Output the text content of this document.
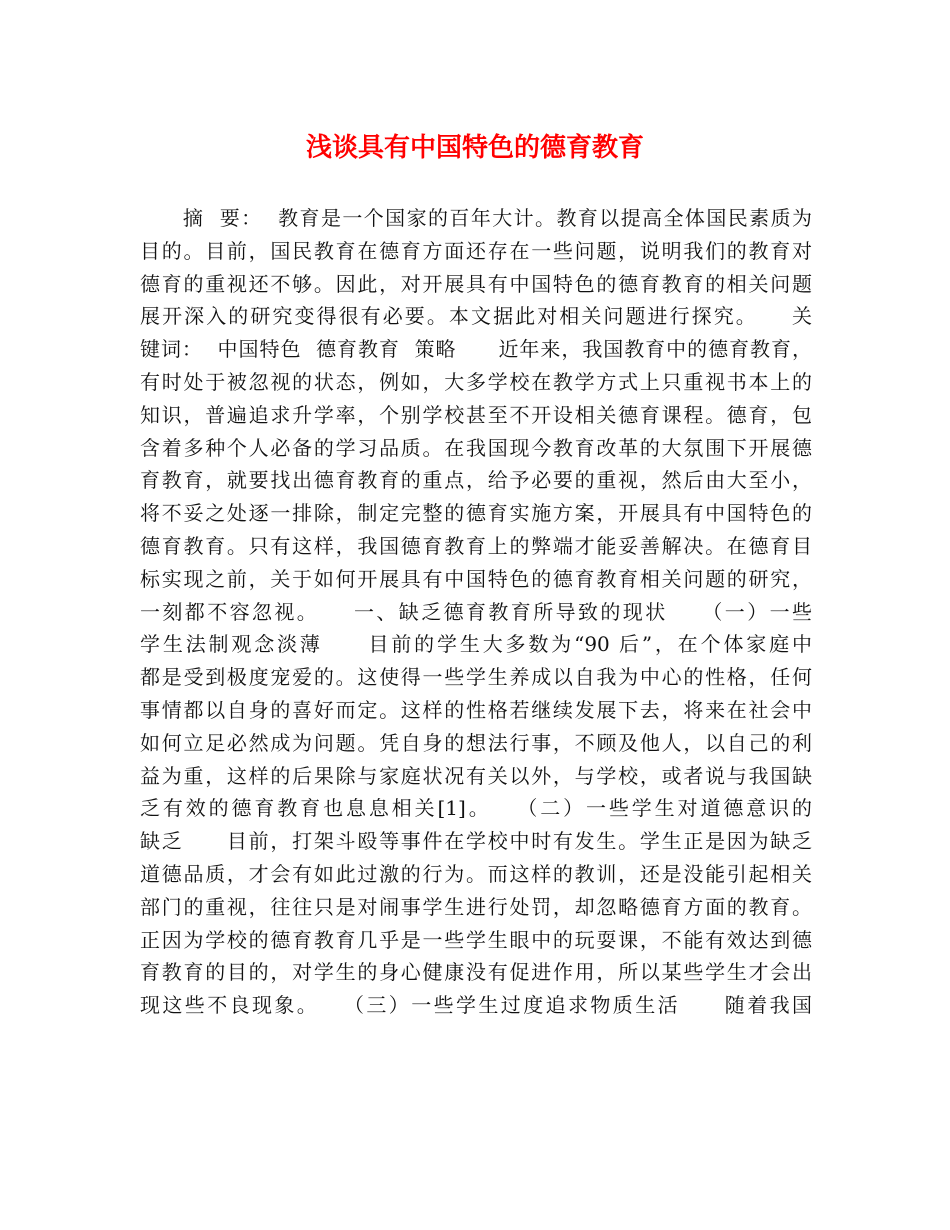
浅谈具有中国特色的德育教育
　　摘  要：  教育是一个国家的百年大计。教育以提高全体国民素质为
目的。目前，国民教育在德育方面还存在一些问题，说明我们的教育对
德育的重视还不够。因此，对开展具有中国特色的德育教育的相关问题
展开深入的研究变得很有必要。本文据此对相关问题进行探究。　　关
键词：  中国特色  德育教育  策略　　近年来，我国教育中的德育教育，
有时处于被忽视的状态，例如，大多学校在教学方式上只重视书本上的
知识，普遍追求升学率，个别学校甚至不开设相关德育课程。德育，包
含着多种个人必备的学习品质。在我国现今教育改革的大氛围下开展德
育教育，就要找出德育教育的重点，给予必要的重视，然后由大至小，
将不妥之处逐一排除，制定完整的德育实施方案，开展具有中国特色的
德育教育。只有这样，我国德育教育上的弊端才能妥善解决。在德育目
标实现之前，关于如何开展具有中国特色的德育教育相关问题的研究，
一刻都不容忽视。　　一、缺乏德育教育所导致的现状　　（一）一些
学生法制观念淡薄　　目前的学生大多数为“90 后”，在个体家庭中
都是受到极度宠爱的。这使得一些学生养成以自我为中心的性格，任何
事情都以自身的喜好而定。这样的性格若继续发展下去，将来在社会中
如何立足必然成为问题。凭自身的想法行事，不顾及他人，以自己的利
益为重，这样的后果除与家庭状况有关以外，与学校，或者说与我国缺
乏有效的德育教育也息息相关[1]。　　（二）一些学生对道德意识的
缺乏　　目前，打架斗殴等事件在学校中时有发生。学生正是因为缺乏
道德品质，才会有如此过激的行为。而这样的教训，还是没能引起相关
部门的重视，往往只是对闹事学生进行处罚，却忽略德育方面的教育。
正因为学校的德育教育几乎是一些学生眼中的玩耍课，不能有效达到德
育教育的目的，对学生的身心健康没有促进作用，所以某些学生才会出
现这些不良现象。　　（三）一些学生过度追求物质生活　　随着我国
